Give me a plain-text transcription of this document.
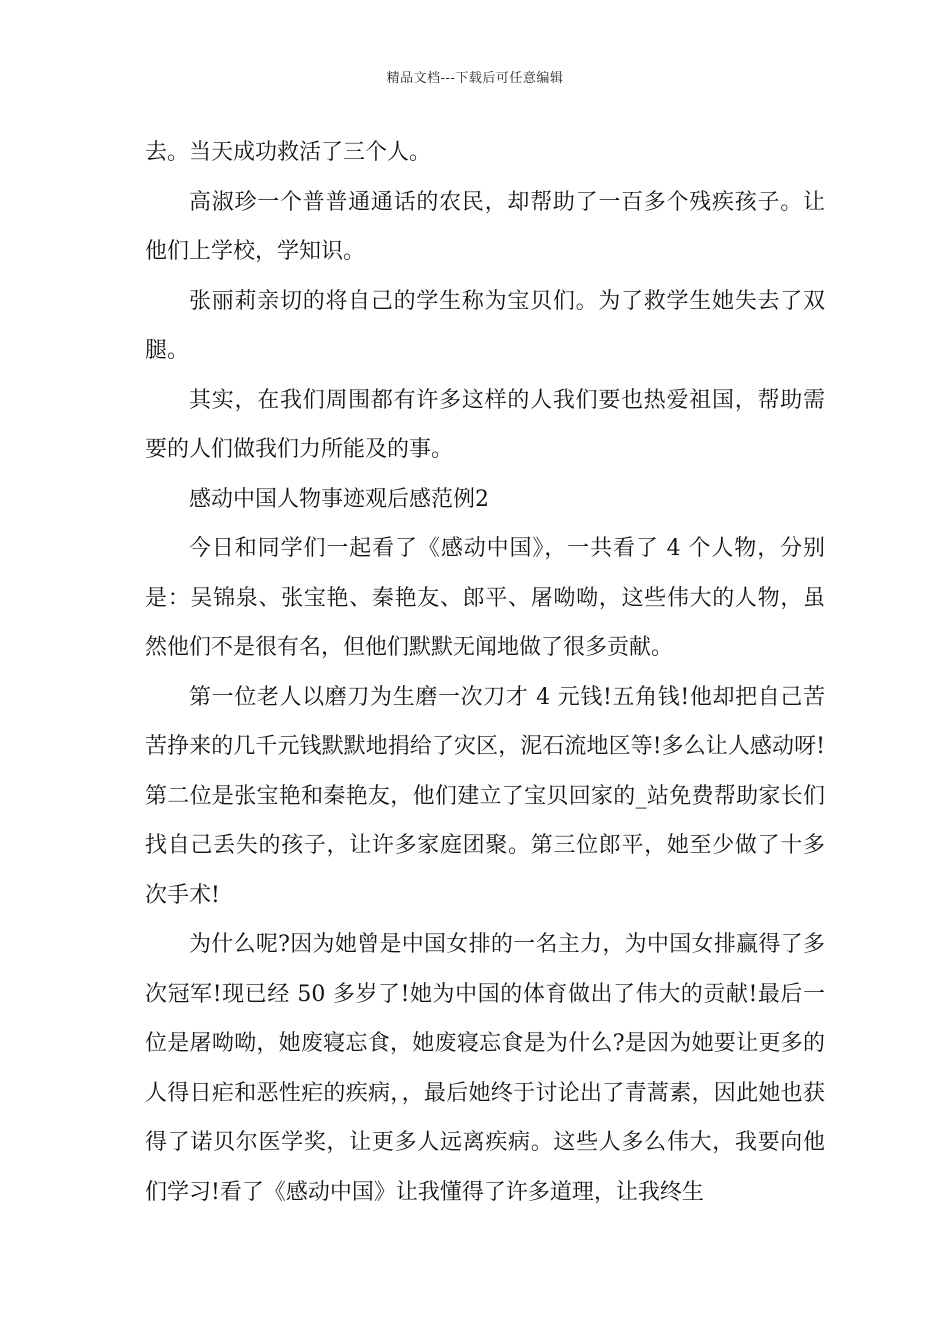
精品文档---下载后可任意编辑

去。当天成功救活了三个人。

高淑珍一个普普通通话的农民，却帮助了一百多个残疾孩子。让他们上学校，学知识。

张丽莉亲切的将自己的学生称为宝贝们。为了救学生她失去了双腿。

其实，在我们周围都有许多这样的人我们要也热爱祖国，帮助需要的人们做我们力所能及的事。

感动中国人物事迹观后感范例2

今日和同学们一起看了《感动中国》，一共看了 4 个人物，分别是：吴锦泉、张宝艳、秦艳友、郎平、屠呦呦，这些伟大的人物，虽然他们不是很有名，但他们默默无闻地做了很多贡献。

第一位老人以磨刀为生磨一次刀才 4 元钱!五角钱!他却把自己苦苦挣来的几千元钱默默地捐给了灾区，泥石流地区等!多么让人感动呀!第二位是张宝艳和秦艳友，他们建立了宝贝回家的_站免费帮助家长们找自己丢失的孩子，让许多家庭团聚。第三位郎平，她至少做了十多次手术!

为什么呢?因为她曾是中国女排的一名主力，为中国女排赢得了多次冠军!现已经 50 多岁了!她为中国的体育做出了伟大的贡献!最后一位是屠呦呦，她废寝忘食，她废寝忘食是为什么?是因为她要让更多的人得日疟和恶性疟的疾病，，最后她终于讨论出了青蒿素，因此她也获得了诺贝尔医学奖，让更多人远离疾病。这些人多么伟大，我要向他们学习!看了《感动中国》让我懂得了许多道理，让我终生
